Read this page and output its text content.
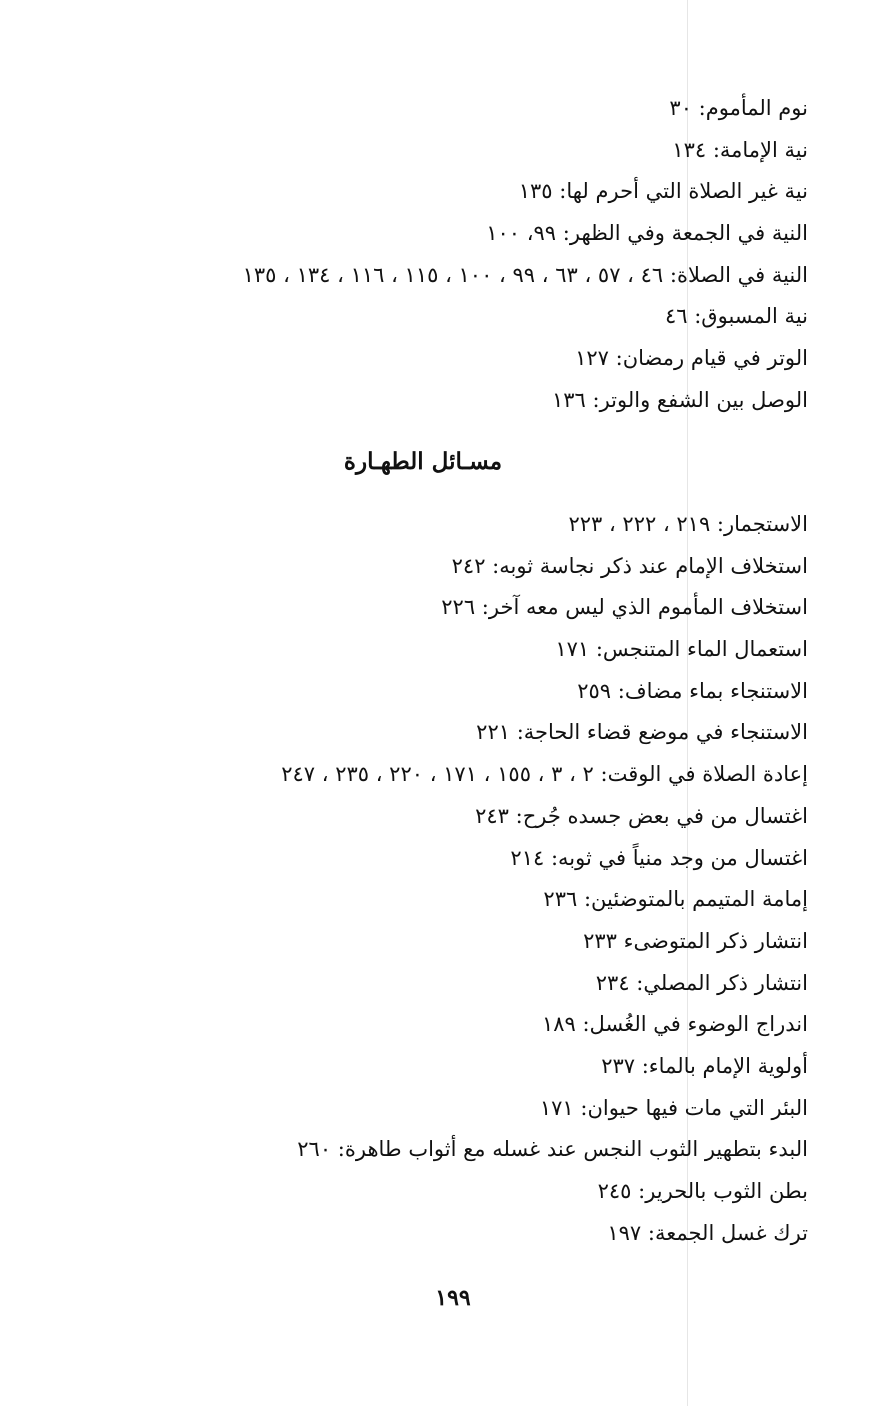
نوم المأموم: ٣٠
نية الإمامة: ١٣٤
نية غير الصلاة التي أحرم لها: ١٣٥
النية في الجمعة وفي الظهر: ٩٩، ١٠٠
النية في الصلاة: ٤٦ ، ٥٧ ، ٦٣ ، ٩٩ ، ١٠٠ ، ١١٥ ، ١١٦ ، ١٣٤ ، ١٣٥
نية المسبوق: ٤٦
الوتر في قيام رمضان: ١٢٧
الوصل بين الشفع والوتر: ١٣٦
مسـائل الطهـارة
الاستجمار: ٢١٩ ، ٢٢٢ ، ٢٢٣
استخلاف الإمام عند ذكر نجاسة ثوبه: ٢٤٢
استخلاف المأموم الذي ليس معه آخر: ٢٢٦
استعمال الماء المتنجس: ١٧١
الاستنجاء بماء مضاف: ٢٥٩
الاستنجاء في موضع قضاء الحاجة: ٢٢١
إعادة الصلاة في الوقت: ٢ ، ٣ ، ١٥٥ ، ١٧١ ، ٢٢٠ ، ٢٣٥ ، ٢٤٧
اغتسال من في بعض جسده جُرح: ٢٤٣
اغتسال من وجد منياً في ثوبه: ٢١٤
إمامة المتيمم بالمتوضئين: ٢٣٦
انتشار ذكر المتوضىء ٢٣٣
انتشار ذكر المصلي: ٢٣٤
اندراج الوضوء في الغُسل: ١٨٩
أولوية الإمام بالماء: ٢٣٧
البئر التي مات فيها حيوان: ١٧١
البدء بتطهير الثوب النجس عند غسله مع أثواب طاهرة: ٢٦٠
بطن الثوب بالحرير: ٢٤٥
ترك غسل الجمعة: ١٩٧
١٩٩
